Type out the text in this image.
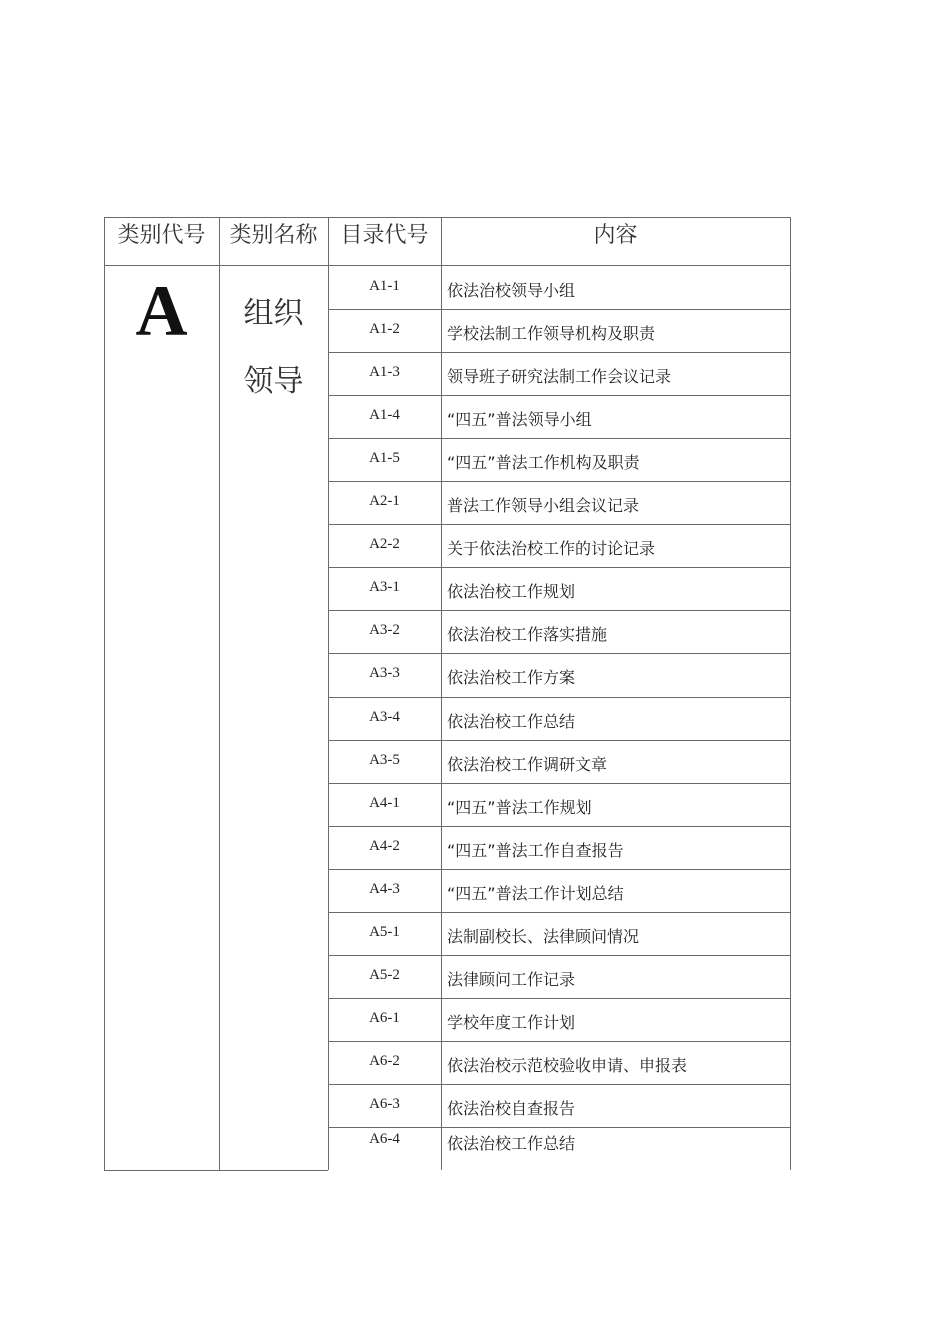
类别代号	类别名称	目录代号	内容
A	组织
领导
A1-1	依法治校领导小组
A1-2	学校法制工作领导机构及职责
A1-3	领导班子研究法制工作会议记录
A1-4	“四五”普法领导小组
A1-5	“四五”普法工作机构及职责
A2-1	普法工作领导小组会议记录
A2-2	关于依法治校工作的讨论记录
A3-1	依法治校工作规划
A3-2	依法治校工作落实措施
A3-3	依法治校工作方案
A3-4	依法治校工作总结
A3-5	依法治校工作调研文章
A4-1	“四五”普法工作规划
A4-2	“四五”普法工作自查报告
A4-3	“四五”普法工作计划总结
A5-1	法制副校长、法律顾问情况
A5-2	法律顾问工作记录
A6-1	学校年度工作计划
A6-2	依法治校示范校验收申请、申报表
A6-3	依法治校自查报告
A6-4	依法治校工作总结
